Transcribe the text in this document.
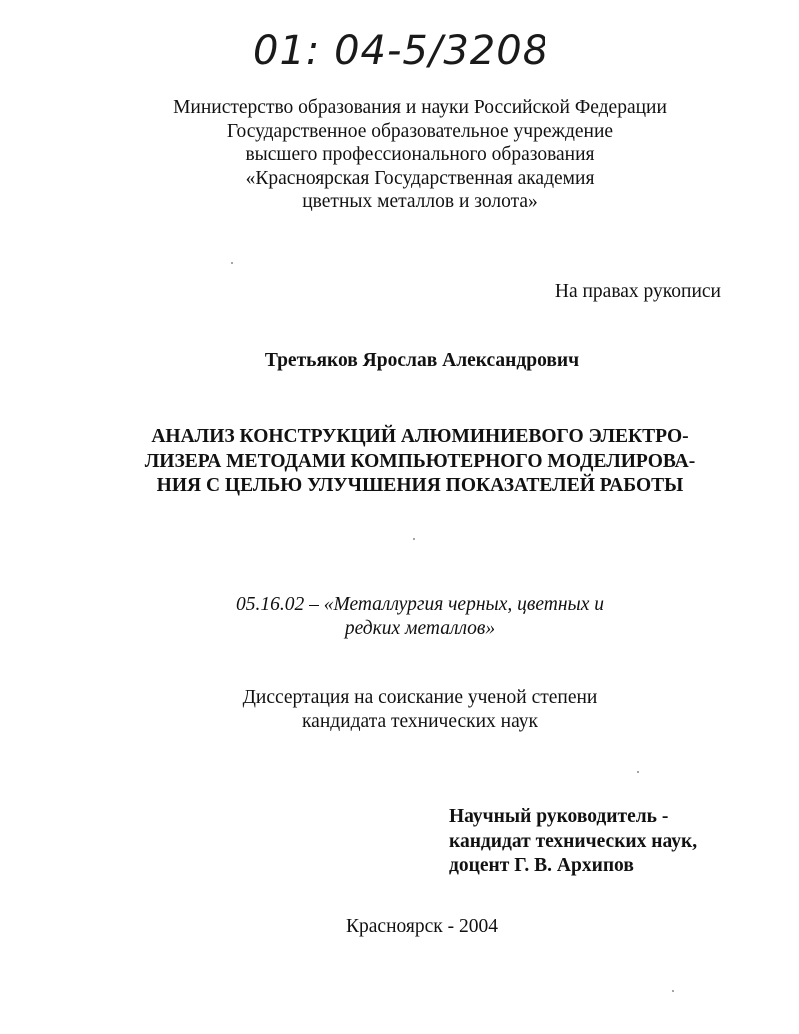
01: 04-5/3208
Министерство образования и науки Российской Федерации
Государственное образовательное учреждение
высшего профессионального образования
«Красноярская Государственная академия
цветных металлов и золота»
На правах рукописи
Третьяков Ярослав Александрович
АНАЛИЗ КОНСТРУКЦИЙ АЛЮМИНИЕВОГО ЭЛЕКТРО-
ЛИЗЕРА МЕТОДАМИ КОМПЬЮТЕРНОГО МОДЕЛИРОВА-
НИЯ С ЦЕЛЬЮ УЛУЧШЕНИЯ ПОКАЗАТЕЛЕЙ РАБОТЫ
05.16.02 – «Металлургия черных, цветных и
редких металлов»
Диссертация на соискание ученой степени
кандидата технических наук
Научный руководитель -
кандидат технических наук,
доцент Г. В. Архипов
Красноярск - 2004
